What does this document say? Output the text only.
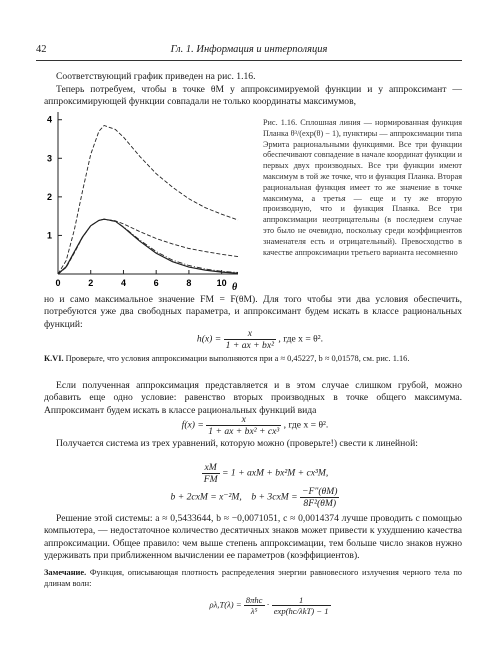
42	Гл. 1. Информация и интерполяция
Соответствующий график приведен на рис. 1.16.
Теперь потребуем, чтобы в точке θM у аппроксимируемой функции и у аппроксимант — аппроксимирующей функции совпадали не только координаты максимумов,
1
2
3
4
0	2	4	6	8	10 θ
Рис. 1.16. Сплошная линия — нормированная функция Планка θ³/(exp(θ) − 1), пунктиры — аппроксимации типа Эрмита рациональными функциями. Все три функции обеспечивают совпадение в начале координат функции и первых двух производных. Все три функции имеют максимум в той же точке, что и функция Планка. Вторая рациональная функция имеет то же значение в точке максимума, а третья — еще и ту же вторую производную, что и функция Планка. Все три аппроксимации неотрицательны (в последнем случае это было не очевидно, поскольку среди коэффициентов знаменателя есть и отрицательный). Превосходство в качестве аппроксимации третьего варианта несомненно
но и само максимальное значение FM = F(θM). Для того чтобы эти два условия обеспечить, потребуются уже два свободных параметра, и аппроксимант будем искать в классе рациональных функций:
$h(x) = \frac{x}{\text{1 + ax + bx²}}$ , где x = θ².
К.VI. Проверьте, что условия аппроксимации выполняются при a ≈ 0,45227, b ≈ 0,01578, см. рис. 1.16.
Если полученная аппроксимация представляется и в этом случае слишком грубой, можно добавить еще одно условие: равенство вторых производных в точке общего максимума. Аппроксимант будем искать в классе рациональных функций вида
$f(x) = \frac{x}{\text{1 + ax + bx² + cx³}}$ , где x = θ².
Получается система из трех уравнений, которую можно (проверьте!) свести к линейной:
$\frac{xM}{FM} = 1$ + axM + bx²M + cx³M,
b + 2cxM = x⁻²M, $b + 3cxM = \frac{-F''(\theta M)}{\text{8F²(θM)}}$
Решение этой системы: a ≈ 0,5433644, b ≈ −0,0071051, c ≈ 0,0014374 лучше проводить с помощью компьютера, — недостаточное количество десятичных знаков может привести к ухудшению качества аппроксимации. Общее правило: чем выше степень аппроксимации, тем больше число знаков нужно удерживать при приближенном вычислении ее параметров (коэффициентов).
Замечание. Функция, описывающая плотность распределения энергии равновесного излучения черного тела по длинам волн:
$\rho\lambda,T(\lambda) = \frac{\text{8πhc}}{\text{λ⁵}} \cdot \frac{1}{\text{exp(hc/λkT) − 1}}$
